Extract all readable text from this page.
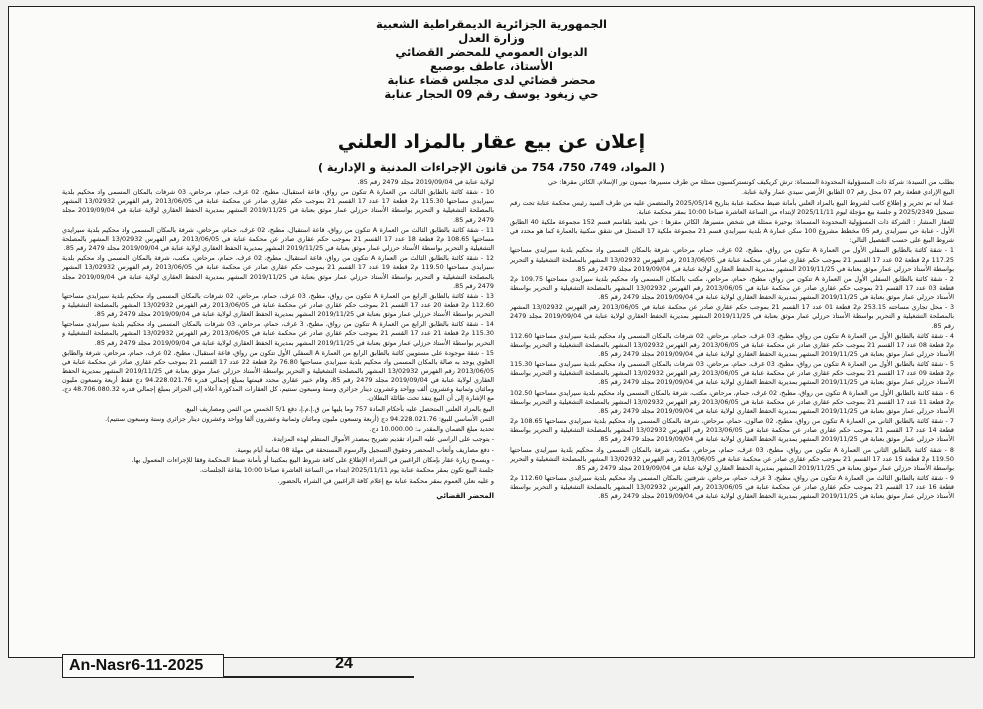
الجمهورية الجزائرية الديمقراطية الشعبية
وزارة العدل
الديوان العمومي للمحضر القضائي
الأستاذ، عاطف بوصبع
محضر قضائي لدى مجلس قضاء عنابة
حي زيغود يوسف رقم 09 الحجار عنابة
إعلان عن بيع عقار بالمزاد العلني
( المواد، 749، 750، 754 من قانون الإجراءات المدنية و الإدارية )

بطلب من السيدة: شركة ذات المسؤولية المحدودة المسماة: ترش كريكيف كونستركسيون ممثلة من طرف مسيرها: ميمون نور الإسلام، الكائن مقرها: حي

البيع الإرادي قطعة رقم 07 محل رقم 07 الطابق الأرضي سيدي عمار ولاية عنابة.

عملا أنه تم تحرير و إطلاع كاتب لشروط البيع بالمزاد العلني بأمانة ضبط محكمة عنابة بتاريخ 2025/05/14 والمتضمن عليه من طرف السيد رئيس محكمة عنابة تحت رقم تسجيل 2025/2349 و جلسة بيع مؤجلة ليوم 2025/11/11 لإبتداء من الساعة العاشرة صباحا 10:00 بمقر محكمة عنابة.

للعقار المشار : الشركة ذات المسؤولية المحدودة المسماة: بوحيرة ممثلة في شخص مسيرها، الكائن مقرها : حي بلعيد بلقاسم قسم 152 مجموعة ملكية 40 الطابق الأول - عنابة حي سيرايدي رقم 05 مخطط مشروع 100 سكن عمارة A بلدية سيرايدي قسم 21 مجموعة ملكية 17 المتمثل في شقق سكنية بالعمارة كما هو محدد في شروط البيع على حسب التفصيل التالي:

1 - شقة كائنة بالطابق السفلي الأول من العمارة A تتكون من رواق، مطبخ، 02 غرف، حمام، مرحاض، شرفة بالمكان المسمى واد محكيم بلدية سيرايدي مساحتها 117.25 م2 قطعة 02 عدد 17 القسم 21 بموجب حكم عقاري صادر عن محكمة عنابة في 2013/06/05 رقم الفهرس 13/02932 المشهر بالمصلحة التشغيلية و التحرير بواسطة الأستاذ حرزلي عمار موثق بعنابة في 2019/11/25 المشهر بمديرية الحفظ العقاري لولاية عنابة في 2019/09/04 مجلد 2479 رقم 85.

2 - شقة كائنة بالطابق السفلي الأول من العمارة A تتكون من رواق، مطبخ، حمام، مرحاض، مكتب بالمكان المسمى واد محكيم بلدية سيرايدي مساحتها 109.75 م2 قطعة 03 عدد 17 القسم 21 بموجب حكم عقاري صادر عن محكمة عنابة في 2013/06/05 رقم الفهرس 13/02932 المشهر بالمصلحة التشغيلية و التحرير بواسطة الأستاذ حرزلي عمار موثق بعنابة في 2019/11/25 المشهر بمديرية الحفظ العقاري لولاية عنابة في 2019/09/04 مجلد 2479 رقم 85.

3 - محل تجاري مساحته 253.15 م2 قطعة 01 عدد 17 القسم 21 بموجب حكم عقاري صادر عن محكمة عنابة في 2013/06/05 رقم الفهرس 13/02932 المشهر بالمصلحة التشغيلية و التحرير بواسطة الأستاذ حرزلي عمار موثق بعنابة في 2019/11/25 المشهر بمديرية الحفظ العقاري لولاية عنابة في 2019/09/04 مجلد 2479 رقم 85.

4 - شقة كائنة بالطابق الأول من العمارة A تتكون من رواق، مطبخ، 03 غرف، حمام، مرحاض، 02 شرفات بالمكان المسمى واد محكيم بلدية سيرايدي مساحتها 112.60 م2 قطعة 08 عدد 17 القسم 21 بموجب حكم عقاري صادر عن محكمة عنابة في 2013/06/05 رقم الفهرس 13/02932 المشهر بالمصلحة التشغيلية و التحرير بواسطة الأستاذ حرزلي عمار موثق بعنابة في 2019/11/25 المشهر بمديرية الحفظ العقاري لولاية عنابة في 2019/09/04 مجلد 2479 رقم 85.

5 - شقة كائنة بالطابق الأول من العمارة A تتكون من رواق، مطبخ، 03 غرف، حمام، مرحاض، 03 شرفات بالمكان المسمى واد محكيم بلدية سيرايدي مساحتها 115.30 م2 قطعة 09 عدد 17 القسم 21 بموجب حكم عقاري صادر عن محكمة عنابة في 2013/06/05 رقم الفهرس 13/02932 المشهر بالمصلحة التشغيلية و التحرير بواسطة الأستاذ حرزلي عمار موثق بعنابة في 2019/11/25 المشهر بمديرية الحفظ العقاري لولاية عنابة في 2019/09/04 مجلد 2479 رقم 85.

6 - شقة كائنة بالطابق الأول من العمارة A تتكون من رواق، مطبخ، 02 غرف، حمام، مرحاض، مكتب، شرفة بالمكان المسمى واد محكيم بلدية سيرايدي مساحتها 102.50 م2 قطعة 11 عدد 17 القسم 21 بموجب حكم عقاري صادر عن محكمة عنابة في 2013/06/05 رقم الفهرس 13/02932 المشهر بالمصلحة التشغيلية و التحرير بواسطة الأستاذ حرزلي عمار موثق بعنابة في 2019/11/25 المشهر بمديرية الحفظ العقاري لولاية عنابة في 2019/09/04 مجلد 2479 رقم 85.

7 - شقة كائنة بالطابق الثاني من العمارة A تتكون من رواق، مطبخ، 02 صالون، حمام، مرحاض، شرفة بالمكان المسمى واد محكيم بلدية سيرايدي مساحتها 108.65 م2 قطعة 14 عدد 17 القسم 21 بموجب حكم عقاري صادر عن محكمة عنابة في 2013/06/05 رقم الفهرس 13/02932 المشهر بالمصلحة التشغيلية و التحرير بواسطة الأستاذ حرزلي عمار موثق بعنابة في 2019/11/25 المشهر بمديرية الحفظ العقاري لولاية عنابة في 2019/09/04 مجلد 2479 رقم 85.

8 - شقة كائنة بالطابق الثاني من العمارة A تتكون من رواق، مطبخ، 03 غرف، حمام، مرحاض، مكتب، شرفة بالمكان المسمى واد محكيم بلدية سيرايدي مساحتها 119.50 م2 قطعة 15 عدد 17 القسم 21 بموجب حكم عقاري صادر عن محكمة عنابة في 2013/06/05 رقم الفهرس 13/02932 المشهر بالمصلحة التشغيلية و التحرير بواسطة الأستاذ حرزلي عمار موثق بعنابة في 2019/11/25 المشهر بمديرية الحفظ العقاري لولاية عنابة في 2019/09/04 مجلد 2479 رقم 85.

9 - شقة كائنة بالطابق الثالث من العمارة A تتكون من رواق، مطبخ، 3 غرف، حمام، مرحاض، شرفتين بالمكان المسمى واد محكيم بلدية سيرايدي مساحتها 112.60 م2 قطعة 16 عدد 17 القسم 21 بموجب حكم عقاري صادر عن محكمة عنابة في 2013/06/05 رقم الفهرس 13/02932 المشهر بالمصلحة التشغيلية و التحرير بواسطة الأستاذ حرزلي عمار موثق بعنابة في 2019/11/25 المشهر بمديرية الحفظ العقاري لولاية عنابة في 2019/09/04 مجلد 2479 رقم 85.

لولاية عنابة في 2019/09/04 مجلد 2479 رقم 85.

10 - شقة كائنة بالطابق الثالث من العمارة A تتكون من رواق، قاعة استقبال، مطبخ، 02 غرف، حمام، مرحاض، 03 شرفات بالمكان المسمى واد محكيم بلدية سيرايدي مساحتها 115.30 م2 قطعة 17 عدد 17 القسم 21 بموجب حكم عقاري صادر عن محكمة عنابة في 2013/06/05 رقم الفهرس 13/02932 المشهر بالمصلحة التشغيلية و التحرير بواسطة الأستاذ حرزلي عمار موثق بعنابة في 2019/11/25 المشهر بمديرية الحفظ العقاري لولاية عنابة في 2019/09/04 مجلد 2479 رقم 85.

11 - شقة كائنة بالطابق الثالث من العمارة A تتكون من رواق، قاعة استقبال، مطبخ، 02 غرف، حمام، مرحاض، شرفة بالمكان المسمى واد محكيم بلدية سيرايدي مساحتها 108.65 م2 قطعة 18 عدد 17 القسم 21 بموجب حكم عقاري صادر عن محكمة عنابة في 2013/06/05 رقم الفهرس 13/02932 المشهر بالمصلحة التشغيلية و التحرير بواسطة الأستاذ حرزلي عمار موثق بعنابة في 2019/11/25 المشهر بمديرية الحفظ العقاري لولاية عنابة في 2019/09/04 مجلد 2479 رقم 85.

12 - شقة كائنة بالطابق الثالث من العمارة A تتكون من رواق، قاعة استقبال، مطبخ، 02 غرف، حمام، مرحاض، مكتب، شرفة بالمكان المسمى واد محكيم بلدية سيرايدي مساحتها 119.50 م2 قطعة 19 عدد 17 القسم 21 بموجب حكم عقاري صادر عن محكمة عنابة في 2013/06/05 رقم الفهرس 13/02932 المشهر بالمصلحة التشغيلية و التحرير بواسطة الأستاذ حرزلي عمار موثق بعنابة في 2019/11/25 المشهر بمديرية الحفظ العقاري لولاية عنابة في 2019/09/04 مجلد 2479 رقم 85.

13 - شقة كائنة بالطابق الرابع من العمارة A تتكون من رواق، مطبخ، 03 غرف، حمام، مرحاض، 02 شرفات بالمكان المسمى واد محكيم بلدية سيرايدي مساحتها 112.60 م2 قطعة 20 عدد 17 القسم 21 بموجب حكم عقاري صادر عن محكمة عنابة في 2013/06/05 رقم الفهرس 13/02932 المشهر بالمصلحة التشغيلية و التحرير بواسطة الأستاذ حرزلي عمار موثق بعنابة في 2019/11/25 المشهر بمديرية الحفظ العقاري لولاية عنابة في 2019/09/04 مجلد 2479 رقم 85.

14 - شقة كائنة بالطابق الرابع من العمارة A تتكون من رواق، مطبخ، 3 غرف، حمام، مرحاض، 03 شرفات بالمكان المسمى واد محكيم بلدية سيرايدي مساحتها 115.30 م2 قطعة 21 عدد 17 القسم 21 بموجب حكم عقاري صادر عن محكمة عنابة في 2013/06/05 رقم الفهرس 13/02932 المشهر بالمصلحة التشغيلية و التحرير بواسطة الأستاذ حرزلي عمار موثق بعنابة في 2019/11/25 المشهر بمديرية الحفظ العقاري لولاية عنابة في 2019/09/04 مجلد 2479 رقم 85.

15 - شقة موجودة على مستويين كائنة بالطابق الرابع من العمارة A السفلي الأول تتكون من رواق، قاعة استقبال، مطبخ، 02 غرف، حمام، مرحاض، شرفة والطابق العلوي يوجد به صالة بالمكان المسمى واد محكيم بلدية سيرايدي مساحتها 76.80 م2 قطعة 22 عدد 17 القسم 21 بموجب حكم عقاري صادر عن محكمة عنابة في 2013/06/05 رقم الفهرس 13/02932 المشهر بالمصلحة التشغيلية و التحرير بواسطة الأستاذ حرزلي عمار موثق بعنابة في 2019/11/25 المشهر بمديرية الحفظ العقاري لولاية عنابة في 2019/09/04 مجلد 2479 رقم 85، وقام خبير عقاري محدد قيمتها بمبلغ إجمالي قدره 94.228.021.76 دج فقط أربعة وتسعون مليون ومائتان وثمانية وعشرون ألف وواحد وعشرون دينار جزائري وستة وسبعون سنتيم، كل العقارات المذكورة أعلاه إلى الجزائر بمبلغ إجمالي قدره 48.706.080.32 دج، مع الإشارة إلى أن البيع ينفذ تحت طائلة البطلان.

البيع بالمزاد العلني المتحصل عليه بأحكام المادة 757 وما يليها من ق.إ.م.إ، دفع 5/1 الخمس من الثمن ومصاريف البيع.

الثمن الأساسي للبيع: 94.228.021.76 دج (أربعة وتسعون مليون ومائتان وثمانية وعشرون ألفا وواحد وعشرون دينار جزائري وستة وسبعون سنتيم).

تحديد مبلغ الضمان والمقدر بـ: 10.000.00 دج.

- يتوجب على الراسي عليه المزاد تقديم تصريح بمصدر الأموال المنظم لهذه المزايدة.

- دفع مصاريف وأتعاب المحضر وحقوق التسجيل والرسوم المستحقة في مهلة 08 ثمانية أيام يومية.

- ويسمح زيارة عقار بإمكان الراغبين في الشراء الإطلاع على كافة شروط البيع بمكتبنا أو بأمانة ضبط المحكمة وفقا للإجراءات المعمول بها.

جلسة البيع تكون بمقر محكمة عنابة يوم 2025/11/11 ابتداء من الساعة العاشرة صباحا 10:00 بقاعة الجلسات.

و عليه نعلن العموم بمقر محكمة عنابة مع إعلام كافة الراغبين في الشراء بالحضور.

المحضر القضائي
An-Nasr6-11-2025	24
